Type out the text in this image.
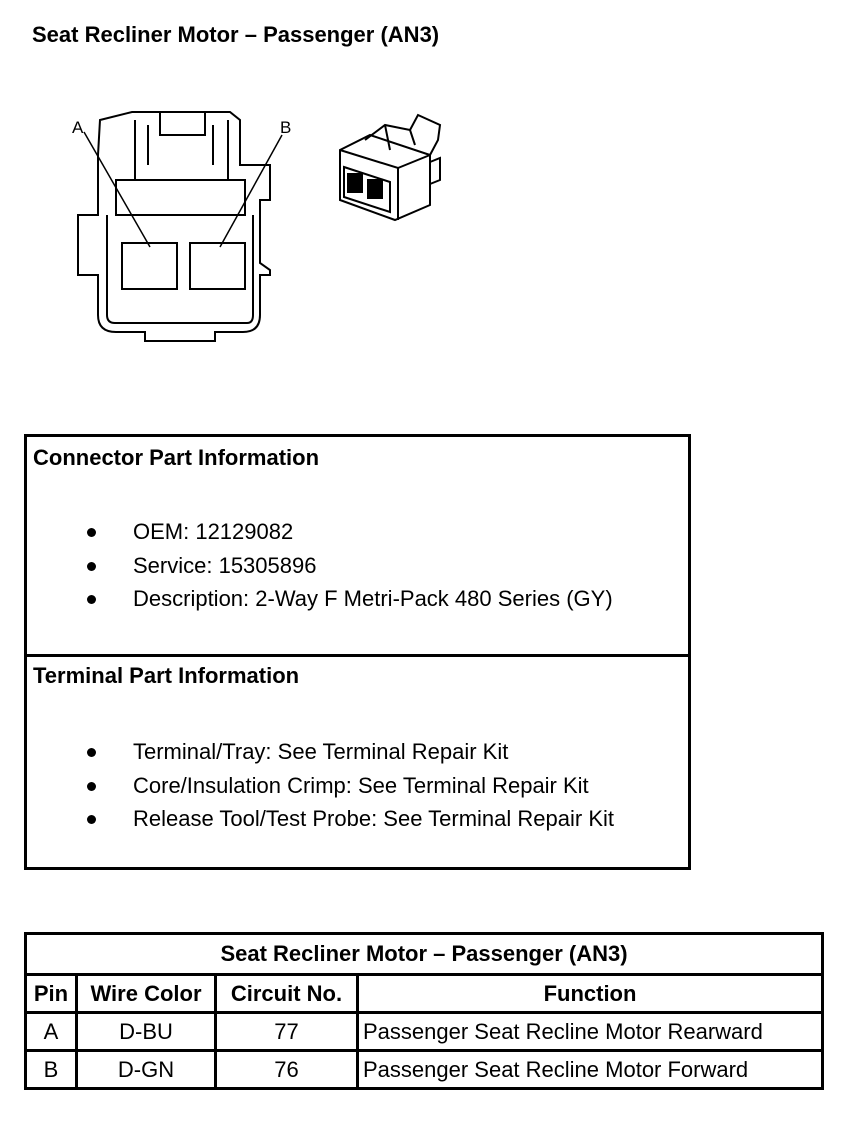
Seat Recliner Motor – Passenger (AN3)
A	B
Connector Part Information
OEM: 12129082
Service: 15305896
Description: 2-Way F Metri-Pack 480 Series (GY)
Terminal Part Information
Terminal/Tray: See Terminal Repair Kit
Core/Insulation Crimp: See Terminal Repair Kit
Release Tool/Test Probe: See Terminal Repair Kit
Seat Recliner Motor – Passenger (AN3)			
Pin	Wire Color	Circuit No.	Function
A	D-BU	77	Passenger Seat Recline Motor Rearward
B	D-GN	76	Passenger Seat Recline Motor Forward
